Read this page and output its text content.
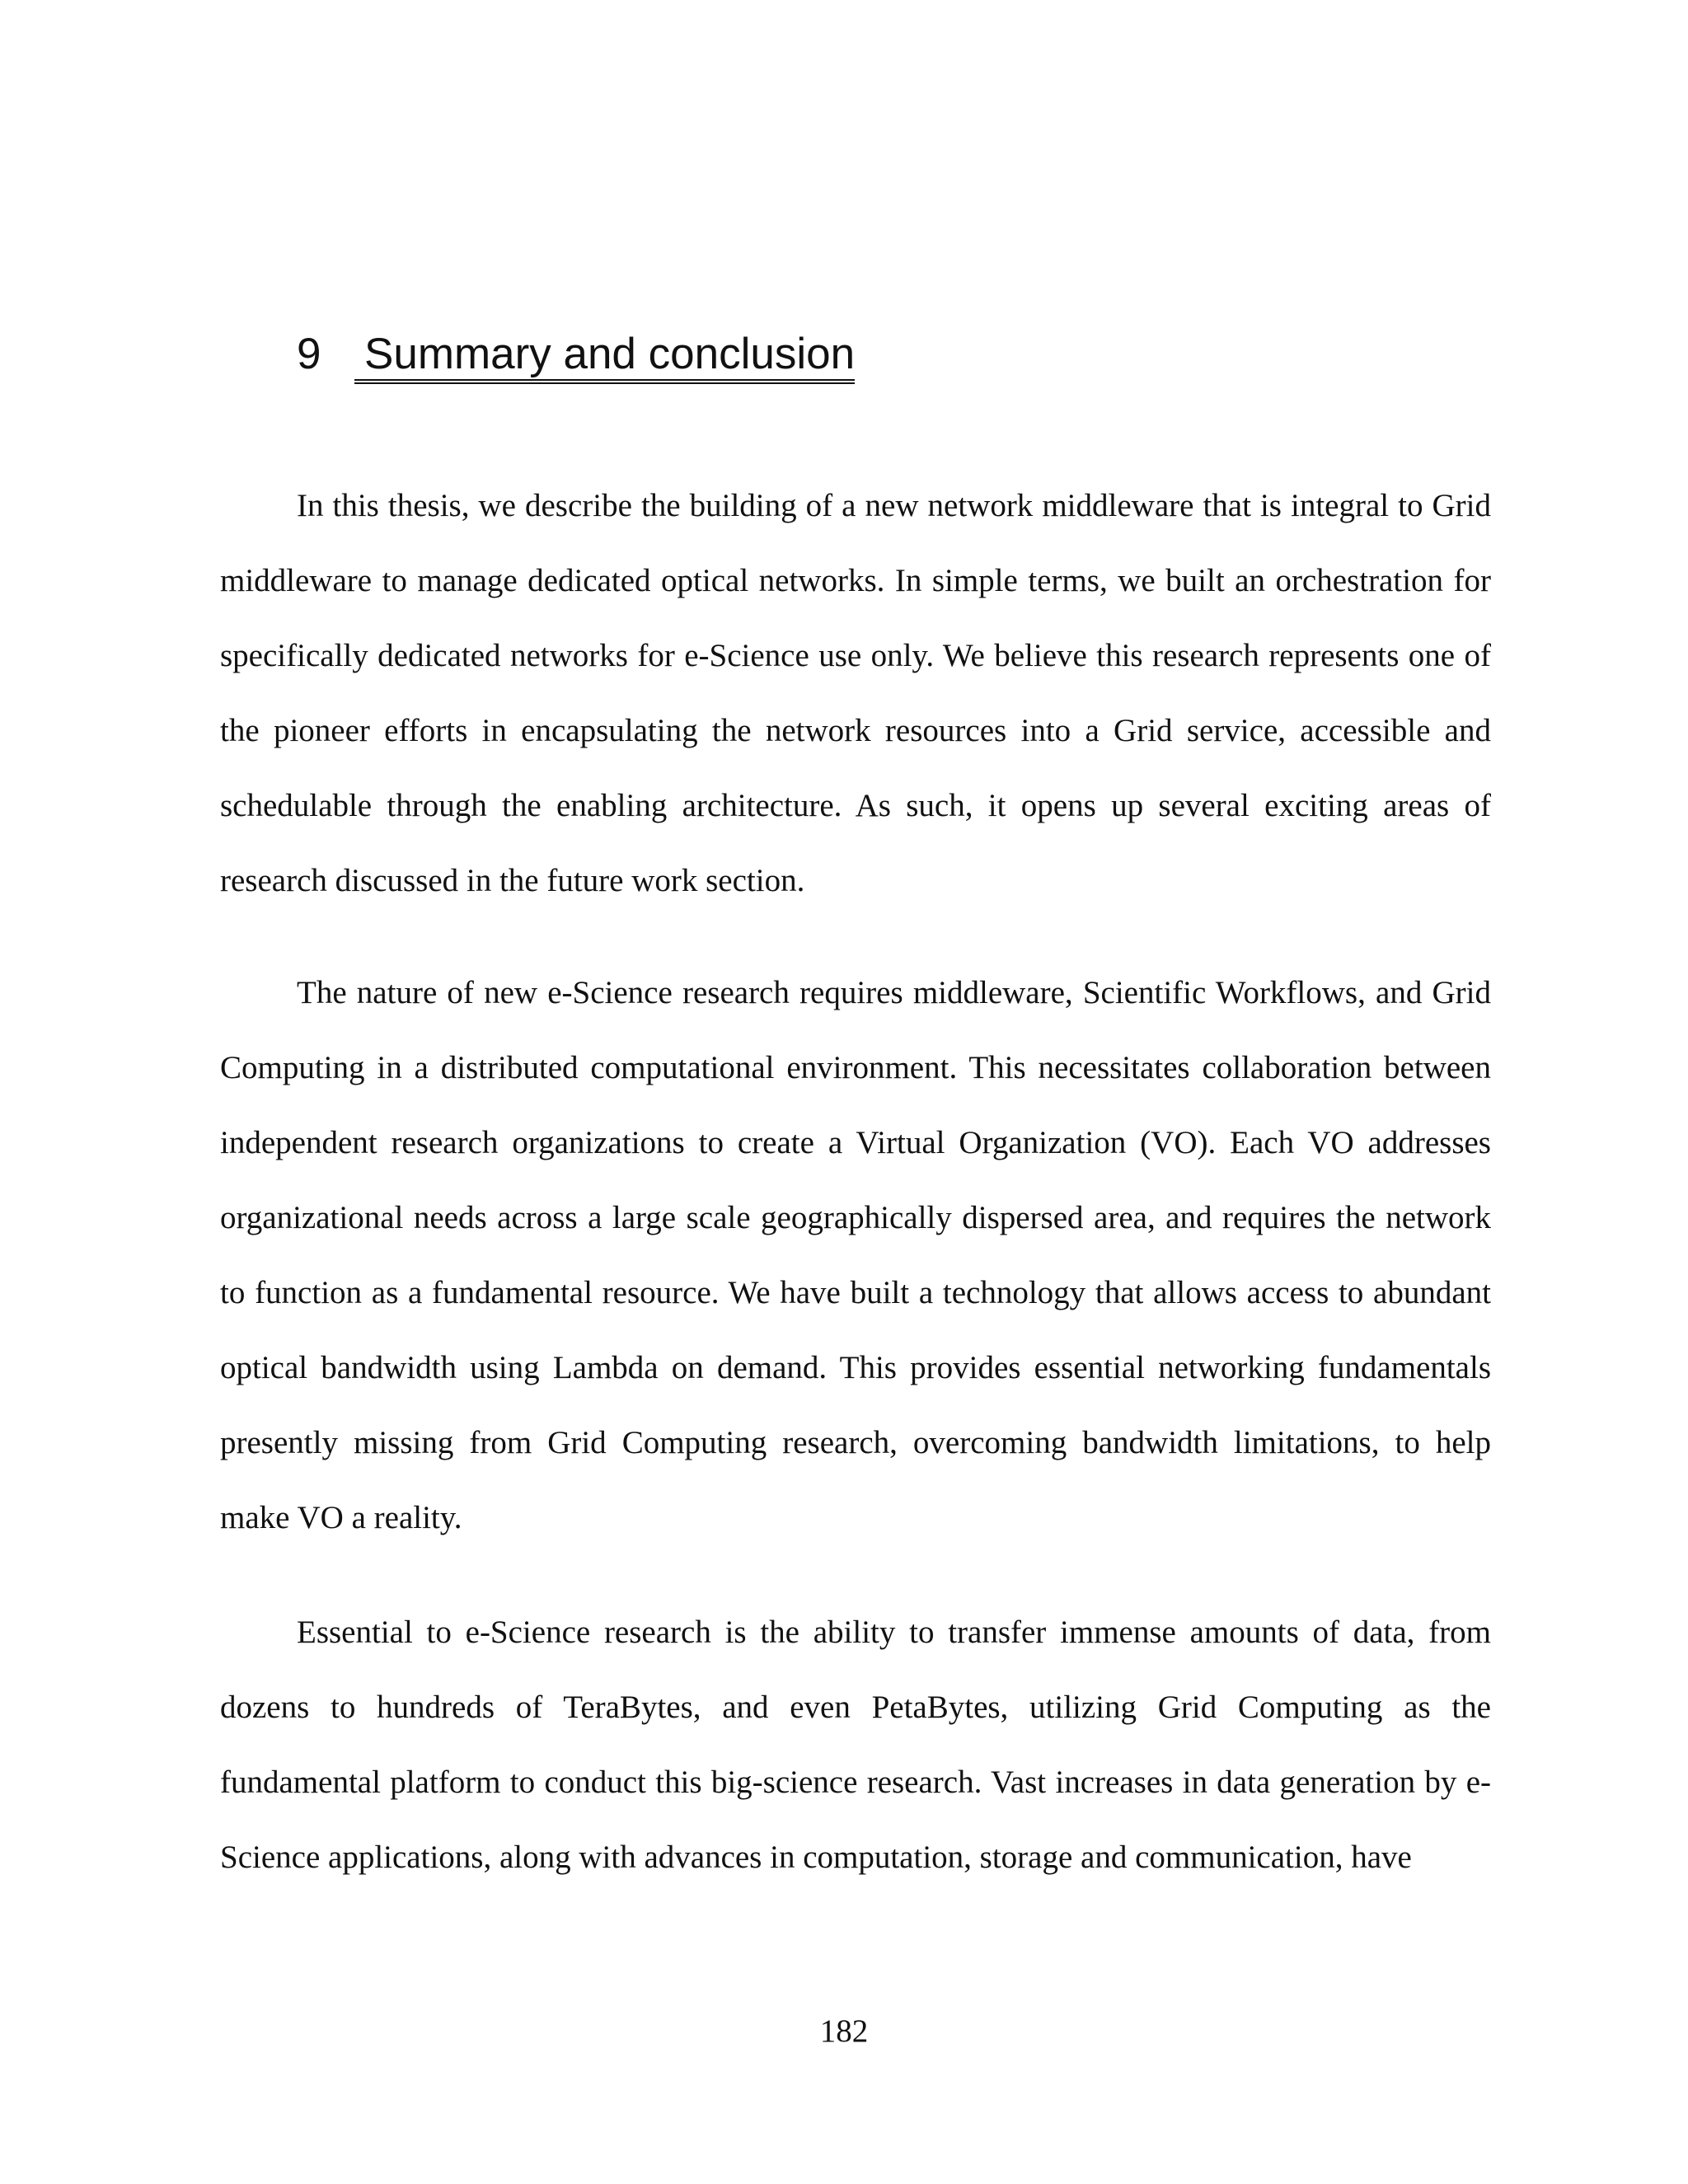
9 Summary and conclusion

In this thesis, we describe the building of a new network middleware that is integral to Grid middleware to manage dedicated optical networks. In simple terms, we built an orchestration for specifically dedicated networks for e-Science use only. We believe this research represents one of the pioneer efforts in encapsulating the network resources into a Grid service, accessible and schedulable through the enabling architecture. As such, it opens up several exciting areas of research discussed in the future work section.

The nature of new e-Science research requires middleware, Scientific Workflows, and Grid Computing in a distributed computational environment. This necessitates collaboration between independent research organizations to create a Virtual Organization (VO). Each VO addresses organizational needs across a large scale geographically dispersed area, and requires the network to function as a fundamental resource. We have built a technology that allows access to abundant optical bandwidth using Lambda on demand. This provides essential networking fundamentals presently missing from Grid Computing research, overcoming bandwidth limitations, to help make VO a reality.

Essential to e-Science research is the ability to transfer immense amounts of data, from dozens to hundreds of TeraBytes, and even PetaBytes, utilizing Grid Computing as the fundamental platform to conduct this big-science research. Vast increases in data generation by e-Science applications, along with advances in computation, storage and communication, have

182
